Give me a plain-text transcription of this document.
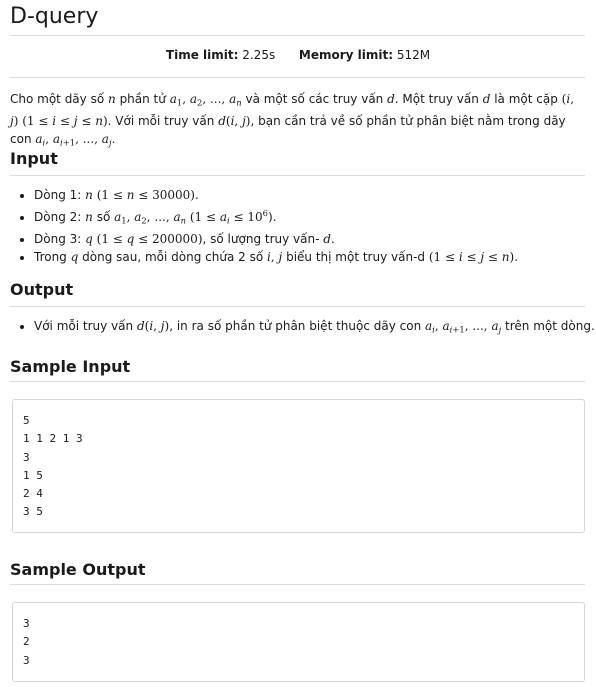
D-query
Time limit: 2.25s Memory limit: 512M
Cho một dãy số n phần tử $a_1$, $a_2$, ..., $a_n$ và một số các truy vấn d. Một truy vấn d là một cặp (i, j) (1 ≤ i ≤ j ≤ n). Với mỗi truy vấn d(i, j), bạn cần trả về số phần tử phân biệt nằm trong dãy con $a_i$, $a_{i+1}$, ..., $a_j$.
Input
• Dòng 1: n (1 ≤ n ≤ 30000).
• Dòng 2: n số $a_1$, $a_2$, ..., $a_n$ $(1 \le a_i \le 10^6)$.
• Dòng 3: q (1 ≤ q ≤ 200000), số lượng truy vấn- d.
• Trong q dòng sau, mỗi dòng chứa 2 số i, j biểu thị một truy vấn-d (1 ≤ i ≤ j ≤ n).
Output
• Với mỗi truy vấn d(i, j), in ra số phần tử phân biệt thuộc dãy con $a_i$, $a_{i+1}$, ..., $a_j$ trên một dòng.
Sample Input
5
1 1 2 1 3
3
1 5
2 4
3 5
Sample Output
3
2
3
